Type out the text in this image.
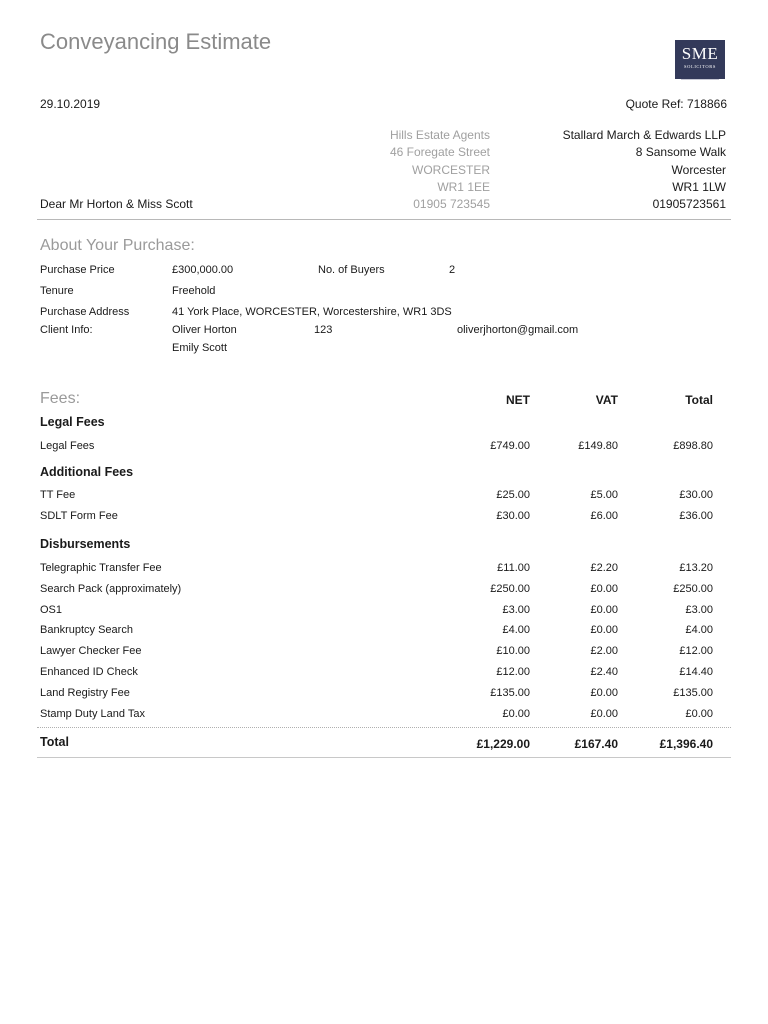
Conveyancing Estimate	SME
SOLICITORS
29.10.2019	Quote Ref: 718866
Hills Estate Agents
46 Foregate Street
WORCESTER
WR1 1EE
01905 723545
Stallard March & Edwards LLP
8 Sansome Walk
Worcester
WR1 1LW
01905723561
Dear Mr Horton & Miss Scott
About Your Purchase:
Purchase Price	£300,000.00	No. of Buyers	2
Tenure	Freehold
Purchase Address	41 York Place, WORCESTER, Worcestershire, WR1 3DS
Client Info:	Oliver Horton	123	oliverjhorton@gmail.com
Emily Scott
Fees:	NET	VAT	Total
Legal Fees
Legal Fees	£749.00	£149.80	£898.80
Additional Fees
TT Fee	£25.00	£5.00	£30.00
SDLT Form Fee	£30.00	£6.00	£36.00
Disbursements
Telegraphic Transfer Fee	£11.00	£2.20	£13.20
Search Pack (approximately)	£250.00	£0.00	£250.00
OS1	£3.00	£0.00	£3.00
Bankruptcy Search	£4.00	£0.00	£4.00
Lawyer Checker Fee	£10.00	£2.00	£12.00
Enhanced ID Check	£12.00	£2.40	£14.40
Land Registry Fee	£135.00	£0.00	£135.00
Stamp Duty Land Tax	£0.00	£0.00	£0.00
Total	£1,229.00	£167.40	£1,396.40
